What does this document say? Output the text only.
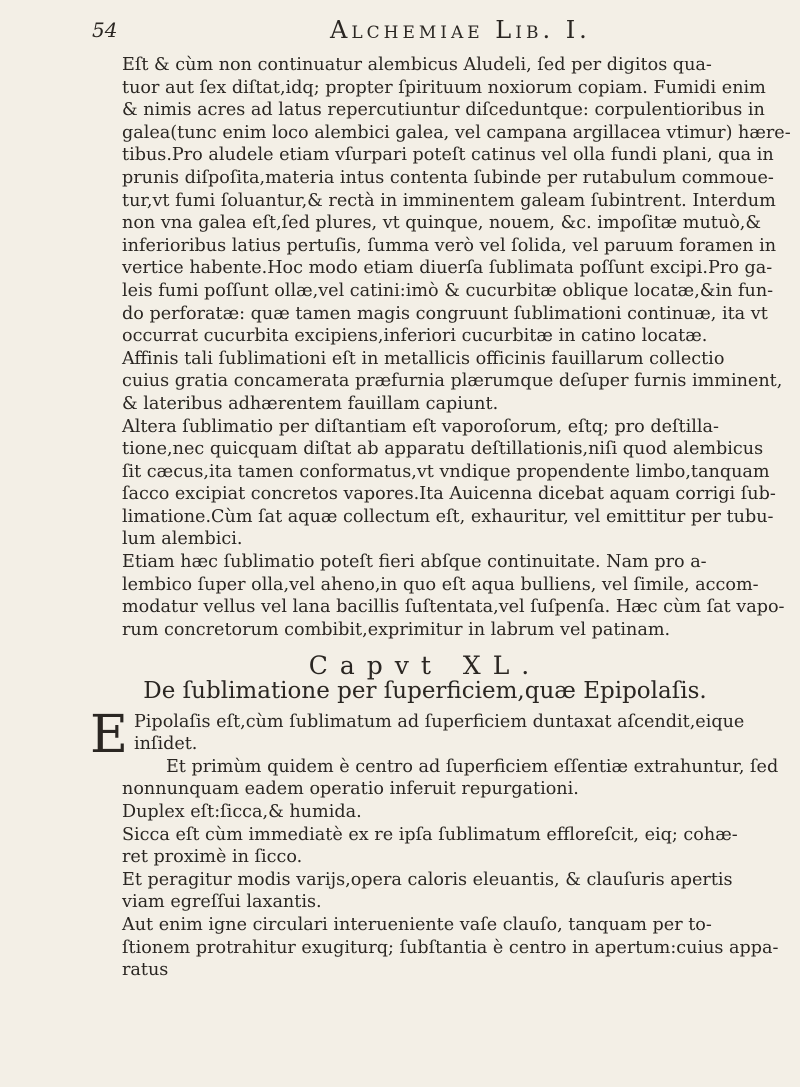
54	Alchemiae Lib. I.
Eſt & cùm non continuatur alembicus Aludeli, ſed per digitos qua-
tuor aut ſex diſtat,idq; propter ſpirituum noxiorum copiam. Fumidi enim
& nimis acres ad latus repercutiuntur diſceduntque: corpulentioribus in
galea(tunc enim loco alembici galea, vel campana argillacea vtimur) hære-
tibus.Pro aludele etiam vſurpari poteſt catinus vel olla fundi plani, qua in
prunis diſpoſita,materia intus contenta ſubinde per rutabulum commoue-
tur,vt fumi ſoluantur,& rectà in imminentem galeam ſubintrent. Interdum
non vna galea eſt,ſed plures, vt quinque, nouem, &c. impoſitæ mutuò,&
inferioribus latius pertuſis, ſumma verò vel ſolida, vel paruum foramen in
vertice habente.Hoc modo etiam diuerſa ſublimata poſſunt excipi.Pro ga-
leis fumi poſſunt ollæ,vel catini:imò & cucurbitæ oblique locatæ,&in fun-
do perforatæ: quæ tamen magis congruunt ſublimationi continuæ, ita vt
occurrat cucurbita excipiens,inferiori cucurbitæ in catino locatæ.
Affinis tali ſublimationi eſt in metallicis officinis fauillarum collectio
cuius gratia concamerata præfurnia plærumque deſuper furnis imminent,
& lateribus adhærentem fauillam capiunt.
Altera ſublimatio per diſtantiam eſt vaporoſorum, eſtq; pro deſtilla-
tione,nec quicquam diſtat ab apparatu deſtillationis,niſi quod alembicus
ſit cæcus,ita tamen conformatus,vt vndique propendente limbo,tanquam
ſacco excipiat concretos vapores.Ita Auicenna dicebat aquam corrigi ſub-
limatione.Cùm ſat aquæ collectum eſt, exhauritur, vel emittitur per tubu-
lum alembici.
Etiam hæc ſublimatio poteſt fieri abſque continuitate. Nam pro a-
lembico ſuper olla,vel aheno,in quo eſt aqua bulliens, vel ſimile, accom-
modatur vellus vel lana bacillis ſuſtentata,vel ſuſpenſa. Hæc cùm ſat vapo-
rum concretorum combibit,exprimitur in labrum vel patinam.
Capvt XL.
De ſublimatione per ſuperficiem,quæ Epipolaſis.
E Pipolaſis eſt,cùm ſublimatum ad ſuperficiem duntaxat aſcendit,eique
inſidet.
Et primùm quidem è centro ad ſuperficiem eſſentiæ extrahuntur, ſed
nonnunquam eadem operatio inferuit repurgationi.
Duplex eſt:ſicca,& humida.
Sicca eſt cùm immediatè ex re ipſa ſublimatum effloreſcit, eiq; cohæ-
ret proximè in ſicco.
Et peragitur modis varijs,opera caloris eleuantis, & clauſuris apertis
viam egreſſui laxantis.
Aut enim igne circulari interueniente vaſe clauſo, tanquam per to-
ſtionem protrahitur exugiturq; ſubſtantia è centro in apertum:cuius appa-
ratus
